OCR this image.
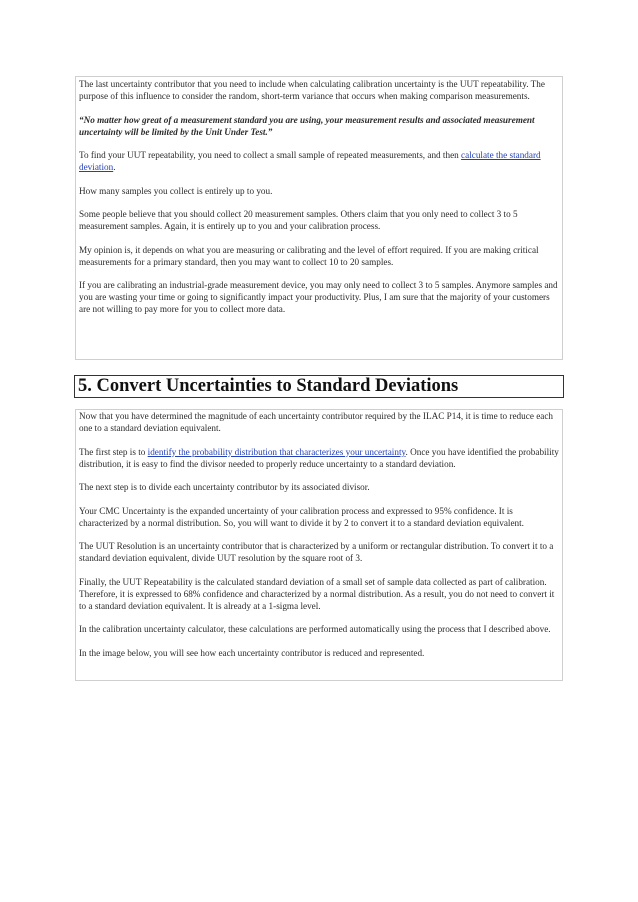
The last uncertainty contributor that you need to include when calculating calibration uncertainty is the UUT repeatability. The purpose of this influence to consider the random, short-term variance that occurs when making comparison measurements.

“No matter how great of a measurement standard you are using, your measurement results and associated measurement uncertainty will be limited by the Unit Under Test.”

To find your UUT repeatability, you need to collect a small sample of repeated measurements, and then calculate the standard deviation.

How many samples you collect is entirely up to you.

Some people believe that you should collect 20 measurement samples. Others claim that you only need to collect 3 to 5 measurement samples. Again, it is entirely up to you and your calibration process.

My opinion is, it depends on what you are measuring or calibrating and the level of effort required. If you are making critical measurements for a primary standard, then you may want to collect 10 to 20 samples.

If you are calibrating an industrial-grade measurement device, you may only need to collect 3 to 5 samples. Anymore samples and you are wasting your time or going to significantly impact your productivity. Plus, I am sure that the majority of your customers are not willing to pay more for you to collect more data.

5. Convert Uncertainties to Standard Deviations

Now that you have determined the magnitude of each uncertainty contributor required by the ILAC P14, it is time to reduce each one to a standard deviation equivalent.

The first step is to identify the probability distribution that characterizes your uncertainty. Once you have identified the probability distribution, it is easy to find the divisor needed to properly reduce uncertainty to a standard deviation.

The next step is to divide each uncertainty contributor by its associated divisor.

Your CMC Uncertainty is the expanded uncertainty of your calibration process and expressed to 95% confidence. It is characterized by a normal distribution. So, you will want to divide it by 2 to convert it to a standard deviation equivalent.

The UUT Resolution is an uncertainty contributor that is characterized by a uniform or rectangular distribution. To convert it to a standard deviation equivalent, divide UUT resolution by the square root of 3.

Finally, the UUT Repeatability is the calculated standard deviation of a small set of sample data collected as part of calibration. Therefore, it is expressed to 68% confidence and characterized by a normal distribution. As a result, you do not need to convert it to a standard deviation equivalent. It is already at a 1-sigma level.

In the calibration uncertainty calculator, these calculations are performed automatically using the process that I described above.

In the image below, you will see how each uncertainty contributor is reduced and represented.
